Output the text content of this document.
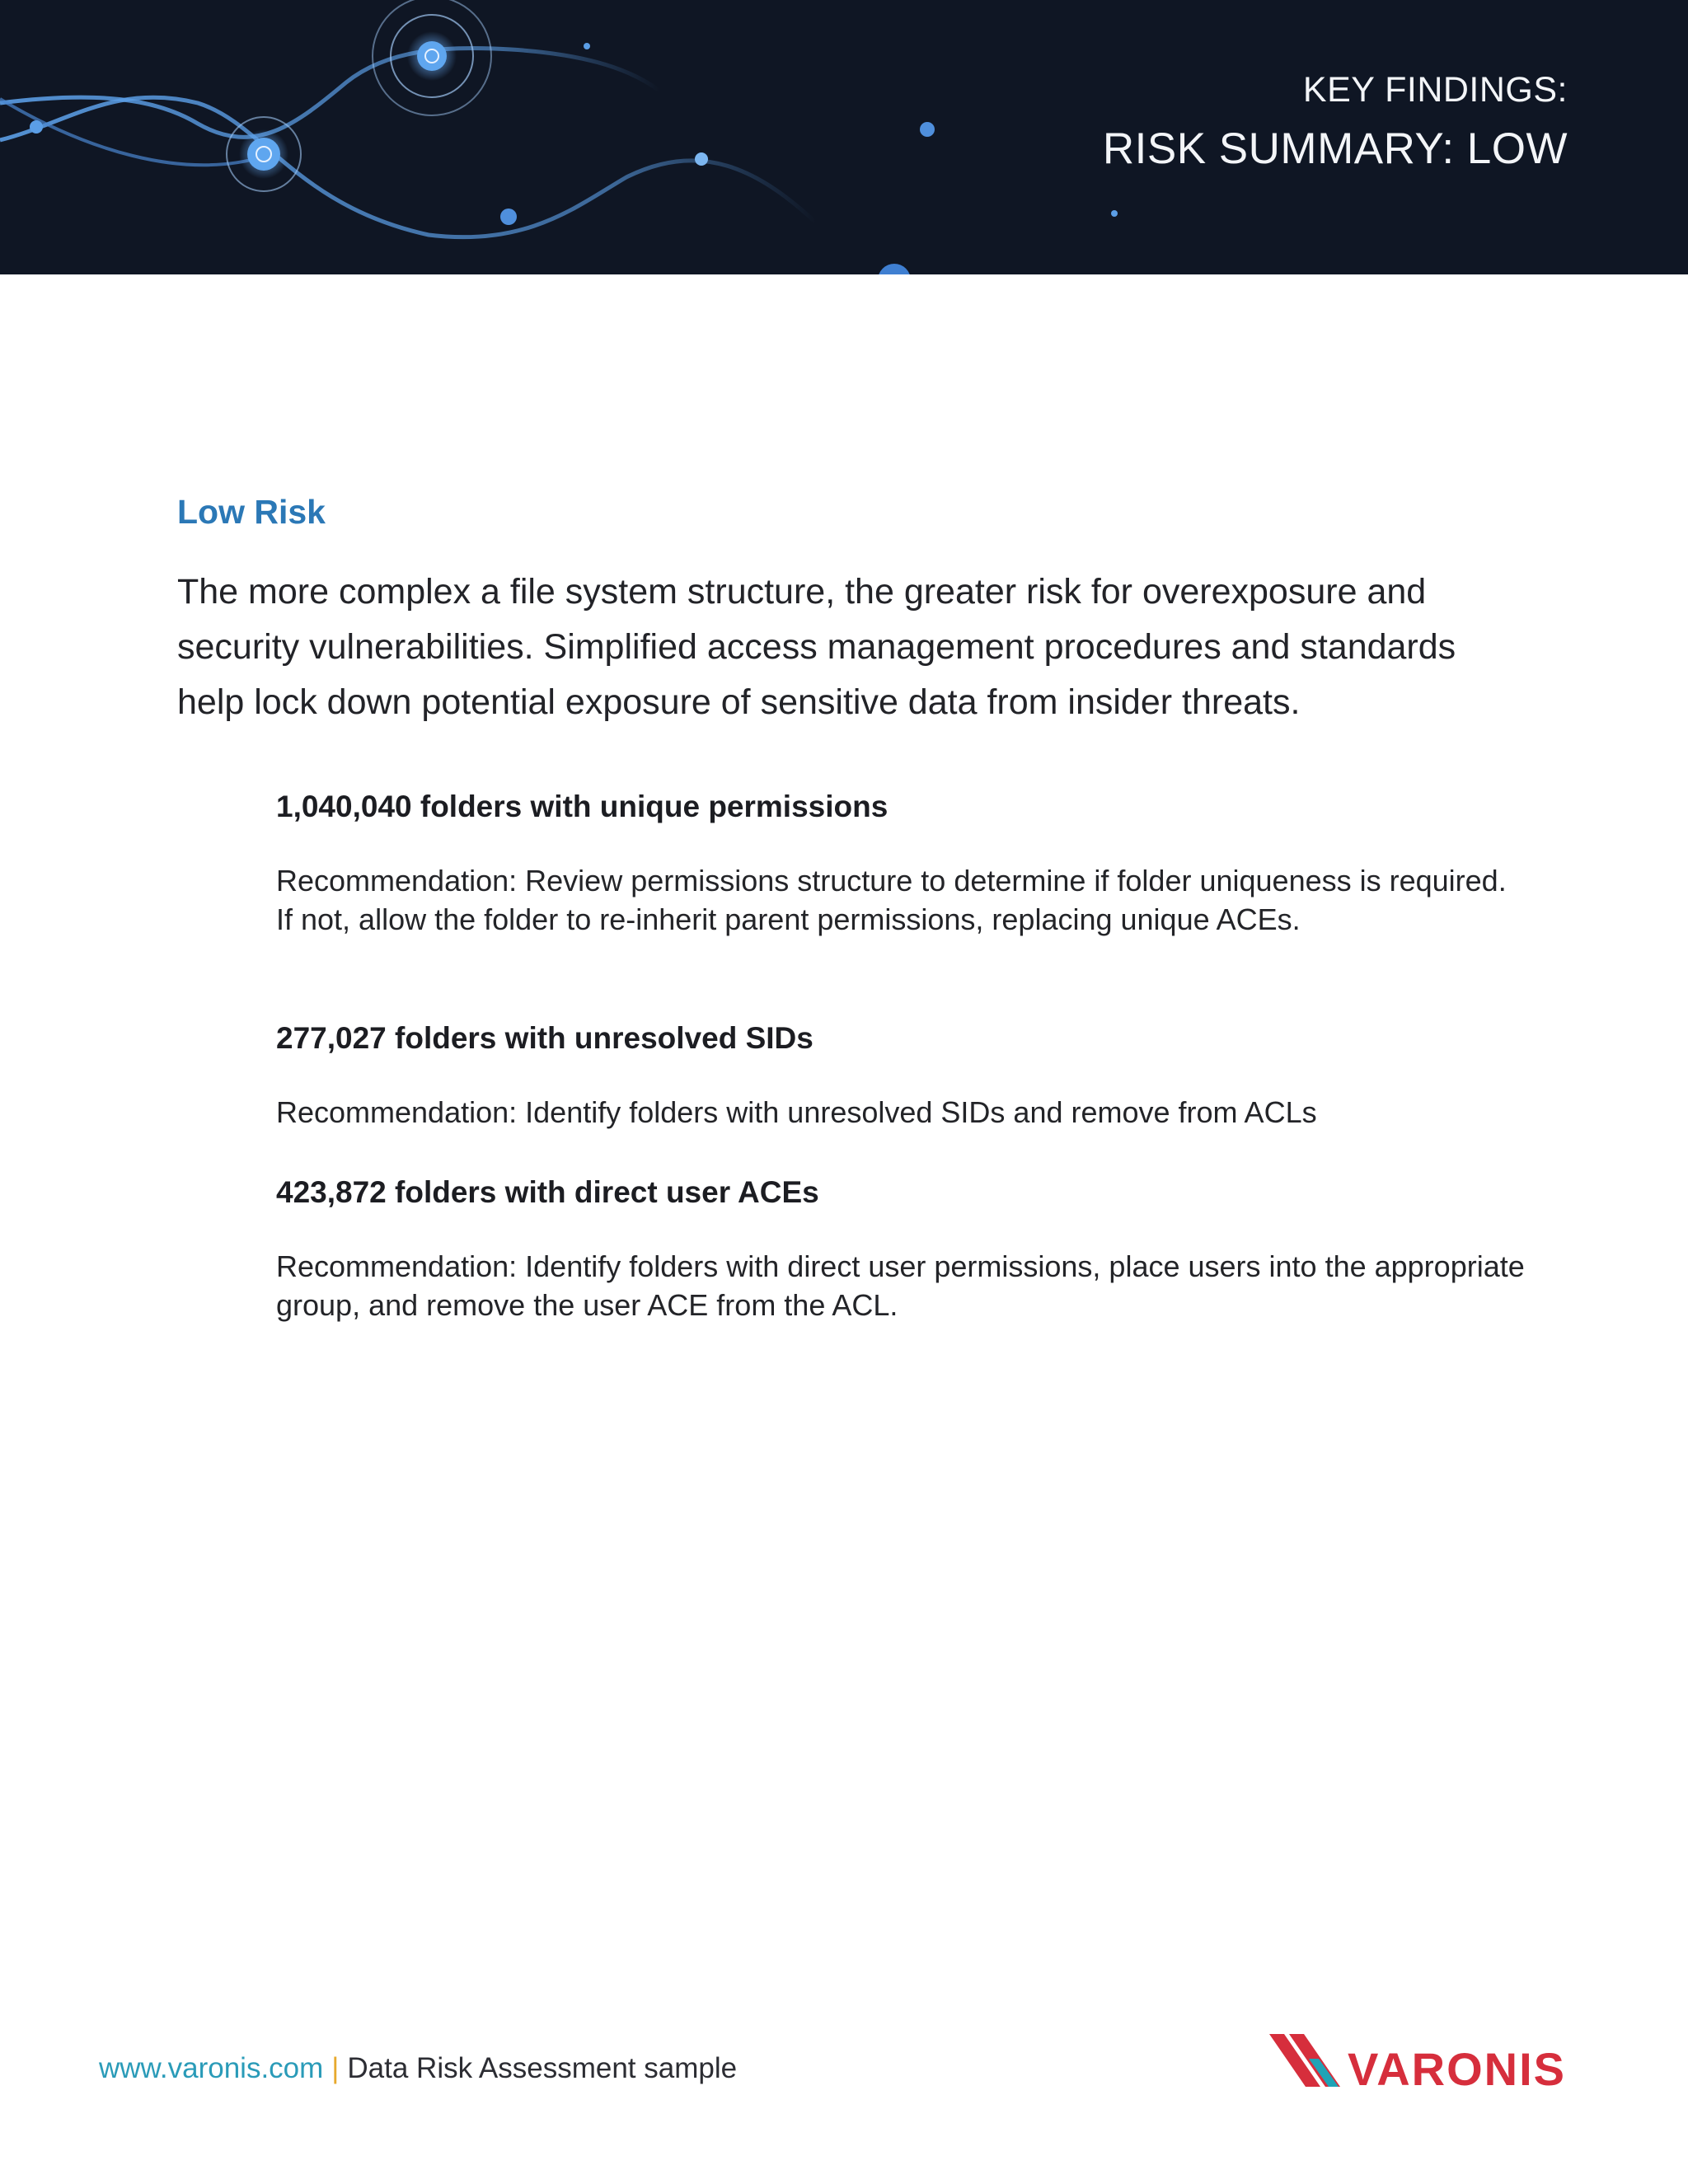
KEY FINDINGS:
RISK SUMMARY: LOW
Low Risk

The more complex a file system structure, the greater risk for overexposure and security vulnerabilities. Simplified access management procedures and standards help lock down potential exposure of sensitive data from insider threats.

1,040,040 folders with unique permissions
Recommendation: Review permissions structure to determine if folder uniqueness is required. If not, allow the folder to re-inherit parent permissions, replacing unique ACEs.
277,027 folders with unresolved SIDs
Recommendation: Identify folders with unresolved SIDs and remove from ACLs
423,872 folders with direct user ACEs
Recommendation: Identify folders with direct user permissions, place users into the appropriate group, and remove the user ACE from the ACL.
www.varonis.com | Data Risk Assessment sample	VARONIS
